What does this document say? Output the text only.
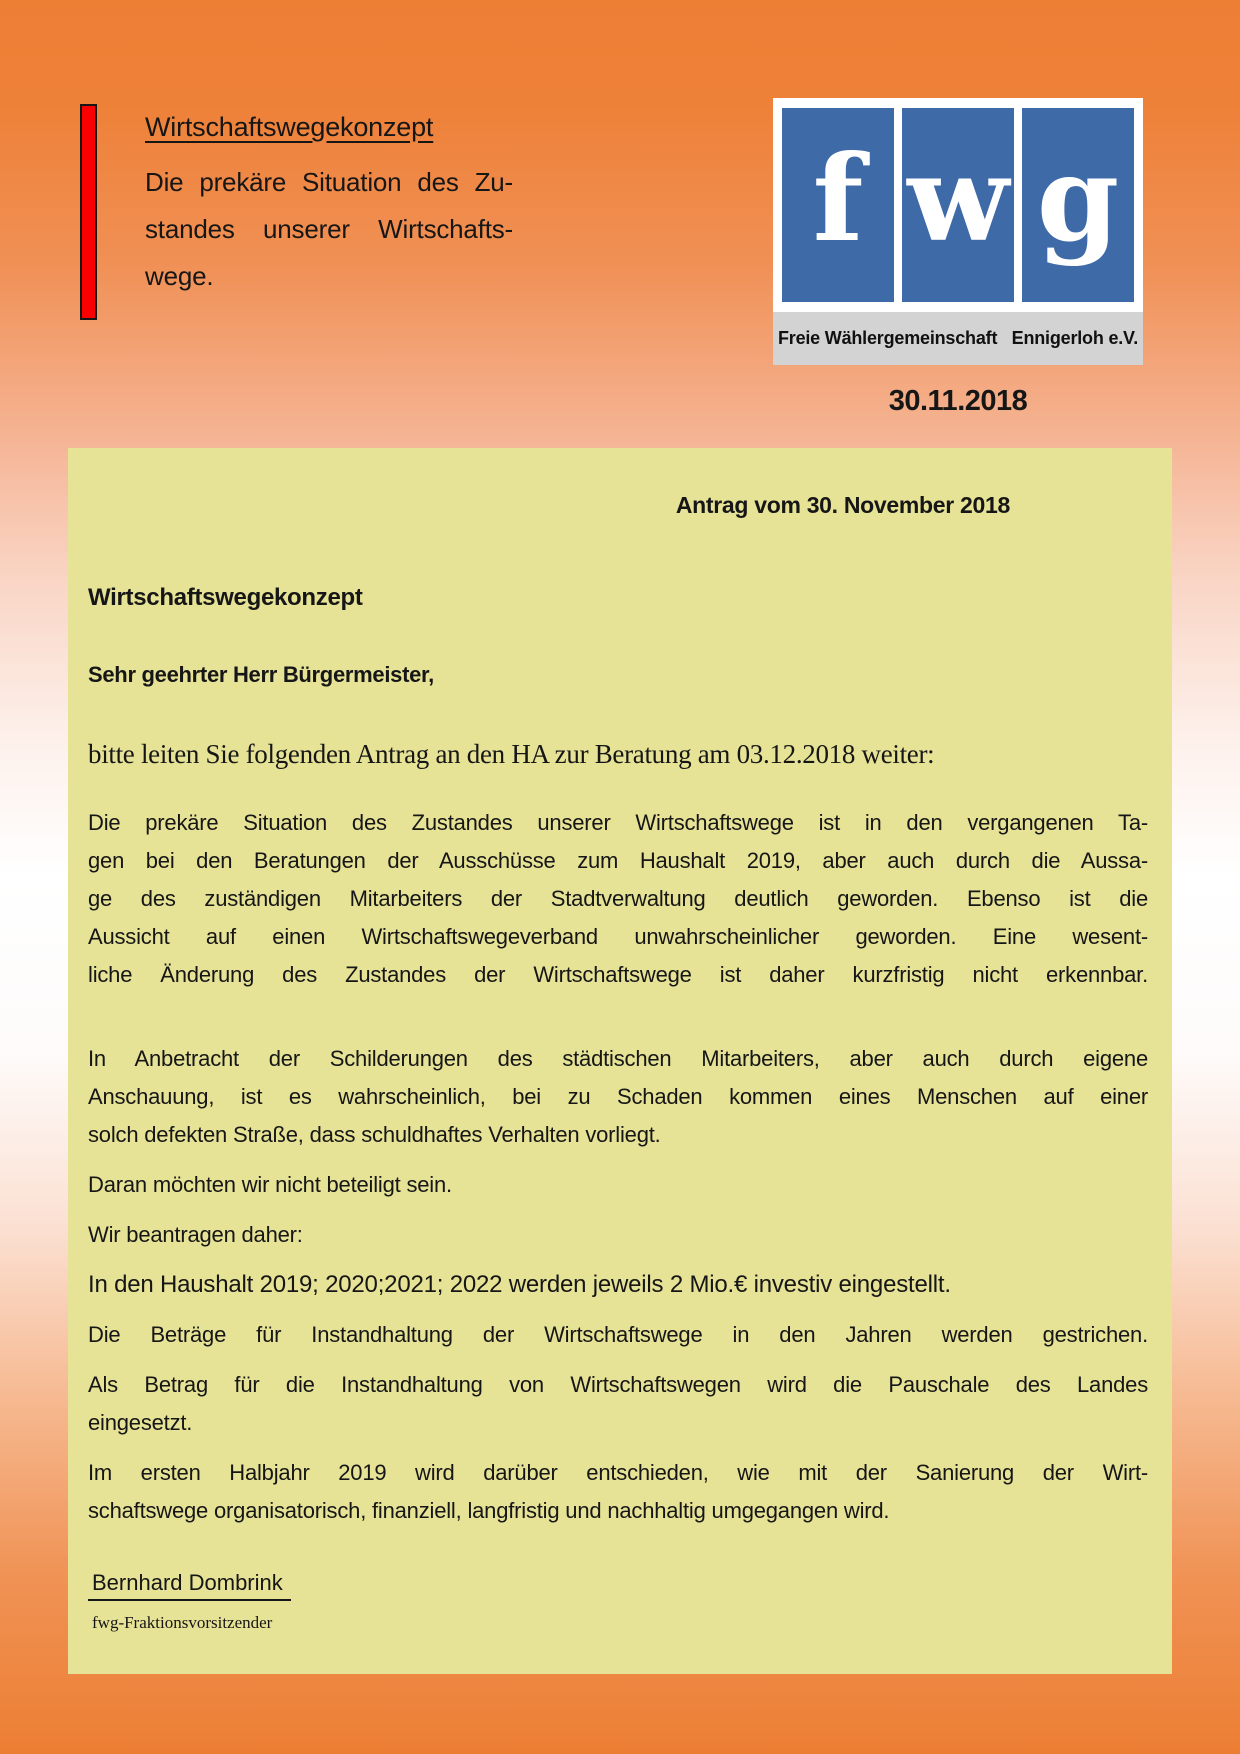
Wirtschaftswegekonzept
Die prekäre Situation des Zu-
standes unserer Wirtschafts-
wege.
f w g
Freie Wählergemeinschaft   Ennigerloh e.V.
30.11.2018
Antrag vom 30. November 2018
Wirtschaftswegekonzept
Sehr geehrter Herr Bürgermeister,
bitte leiten Sie folgenden Antrag an den HA zur Beratung am 03.12.2018 weiter:
Die prekäre Situation des Zustandes unserer Wirtschaftswege ist in den vergangenen Ta-
gen bei den Beratungen der Ausschüsse zum Haushalt 2019, aber auch durch die Aussa-
ge des zuständigen Mitarbeiters der Stadtverwaltung deutlich geworden. Ebenso ist die
Aussicht auf einen Wirtschaftswegeverband unwahrscheinlicher geworden. Eine wesent-
liche Änderung des Zustandes der Wirtschaftswege ist daher kurzfristig nicht erkennbar.
In Anbetracht der Schilderungen des städtischen Mitarbeiters, aber auch durch eigene
Anschauung, ist es wahrscheinlich, bei zu Schaden kommen eines Menschen auf einer
solch defekten Straße, dass schuldhaftes Verhalten vorliegt.
Daran möchten wir nicht beteiligt sein.
Wir beantragen daher:
In den Haushalt 2019; 2020;2021; 2022 werden jeweils 2 Mio.€ investiv eingestellt.
Die Beträge für Instandhaltung der Wirtschaftswege in den Jahren werden gestrichen.
Als Betrag für die Instandhaltung von Wirtschaftswegen wird die Pauschale des Landes
eingesetzt.
Im ersten Halbjahr 2019 wird darüber entschieden, wie mit der Sanierung der Wirt-
schaftswege organisatorisch, finanziell, langfristig und nachhaltig umgegangen wird.
Bernhard Dombrink
fwg-Fraktionsvorsitzender
